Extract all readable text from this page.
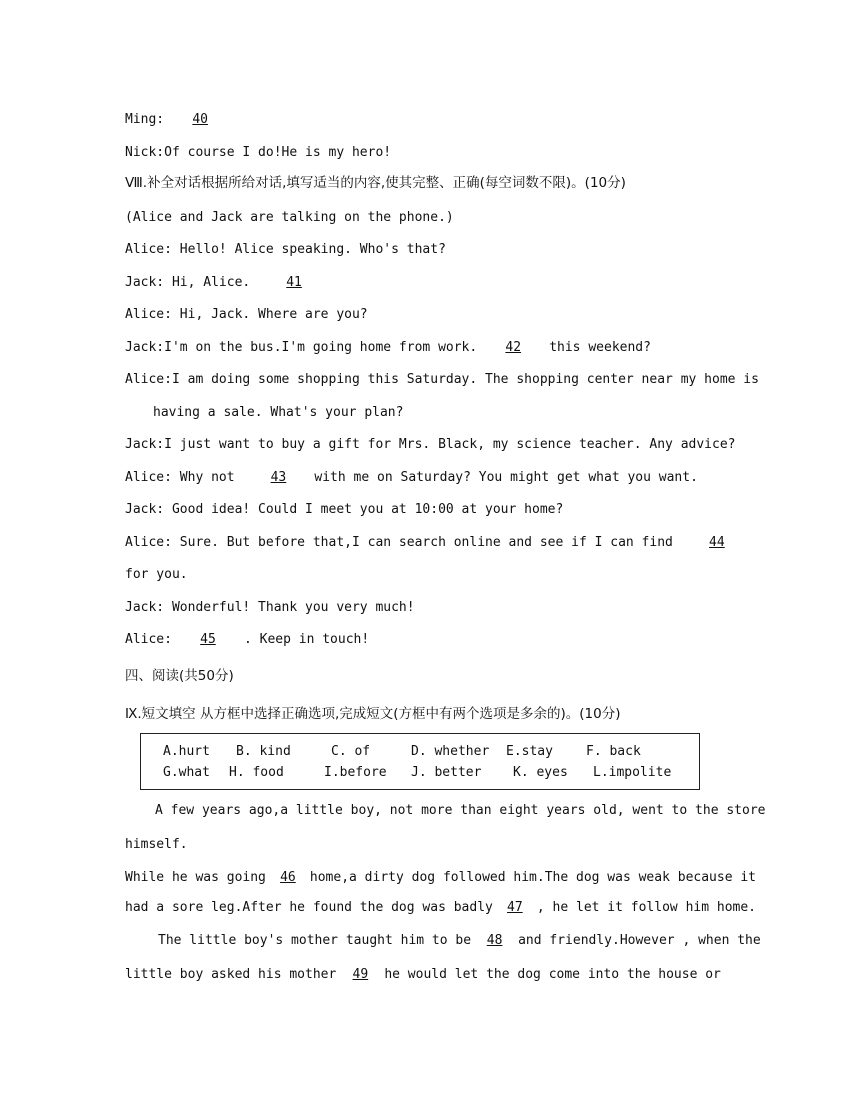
Ming: 40
Nick:Of course I do!He is my hero!
Ⅷ.补全对话根据所给对话,填写适当的内容,使其完整、正确(每空词数不限)。(10分)
(Alice and Jack are talking on the phone.)
Alice: Hello! Alice speaking. Who's that?
Jack: Hi, Alice.	41
Alice: Hi, Jack. Where are you?
Jack:I'm on the bus.I'm going home from work. 42 this weekend?
Alice:I am doing some shopping this Saturday. The shopping center near my home is
having a sale. What's your plan?
Jack:I just want to buy a gift for Mrs. Black, my science teacher. Any advice?
Alice: Why not	43 with me on Saturday? You might get what you want.
Jack: Good idea! Could I meet you at 10:00 at your home?
Alice: Sure. But before that,I can search online and see if I can find	44
for you.
Jack: Wonderful! Thank you very much!
Alice: 45 . Keep in touch!
四、阅读(共50分)
Ⅸ.短文填空 从方框中选择正确选项,完成短文(方框中有两个选项是多余的)。(10分)
A.hurt B. kind	C. of	D. whether E.stay	F. back
G.what H. food	I.before J. better K. eyes L.impolite
A few years ago,a little boy, not more than eight years old, went to the store
himself.
While he was going 46 home,a dirty dog followed him.The dog was weak because it
had a sore leg.After he found the dog was badly 47 , he let it follow him home.
The little boy's mother taught him to be 48 and friendly.However , when the
little boy asked his mother 49 he would let the dog come into the house or
